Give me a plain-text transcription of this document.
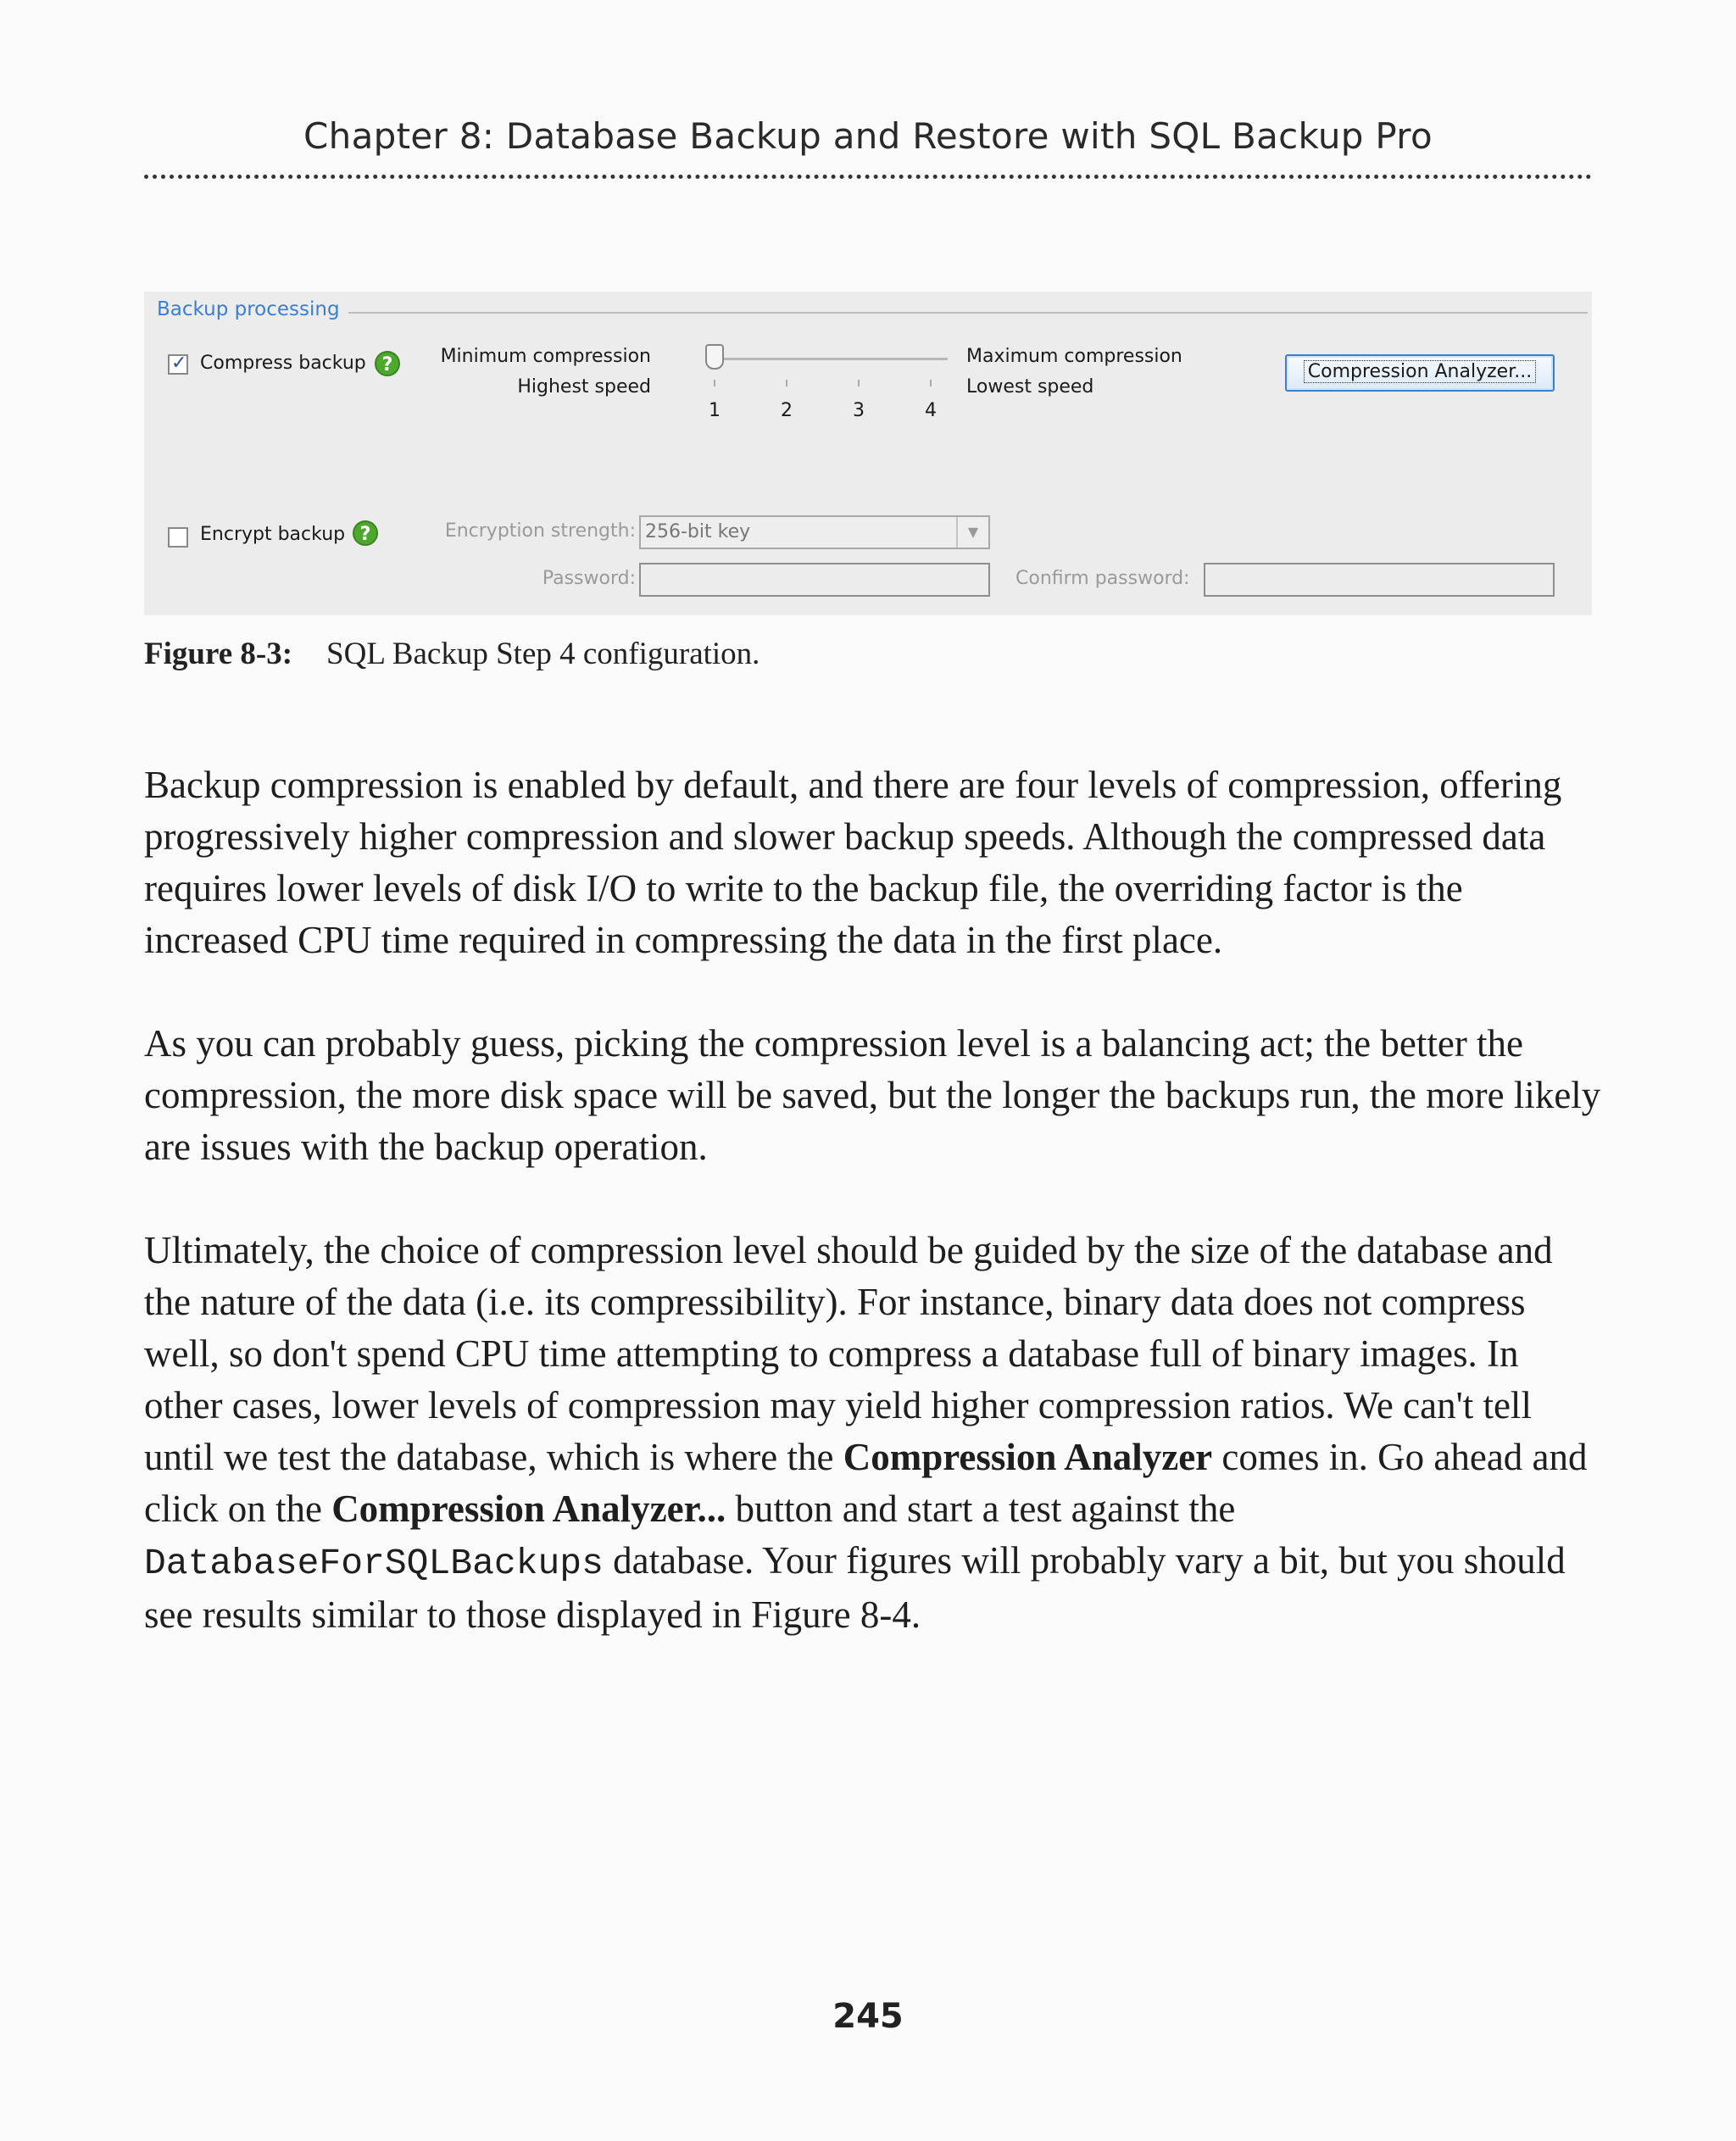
Chapter 8: Database Backup and Restore with SQL Backup Pro
Backup processing
✓ Compress backup ?	Minimum compression
Highest speed
1	2	3	4
Maximum compression
Lowest speed
Compression Analyzer...
Encrypt backup ?	Encryption strength: 256-bit key	▼
Password:	Confirm password:
Figure 8-3: SQL Backup Step 4 configuration.

Backup compression is enabled by default, and there are four levels of compression, offering progressively higher compression and slower backup speeds. Although the compressed data requires lower levels of disk I/O to write to the backup file, the overriding factor is the increased CPU time required in compressing the data in the first place.

As you can probably guess, picking the compression level is a balancing act; the better the compression, the more disk space will be saved, but the longer the backups run, the more likely are issues with the backup operation.

Ultimately, the choice of compression level should be guided by the size of the database and the nature of the data (i.e. its compressibility). For instance, binary data does not compress well, so don't spend CPU time attempting to compress a database full of binary images. In other cases, lower levels of compression may yield higher compression ratios. We can't tell until we test the database, which is where the Compression Analyzer comes in. Go ahead and click on the Compression Analyzer... button and start a test against the DatabaseForSQLBackups database. Your figures will probably vary a bit, but you should see results similar to those displayed in Figure 8-4.

245
